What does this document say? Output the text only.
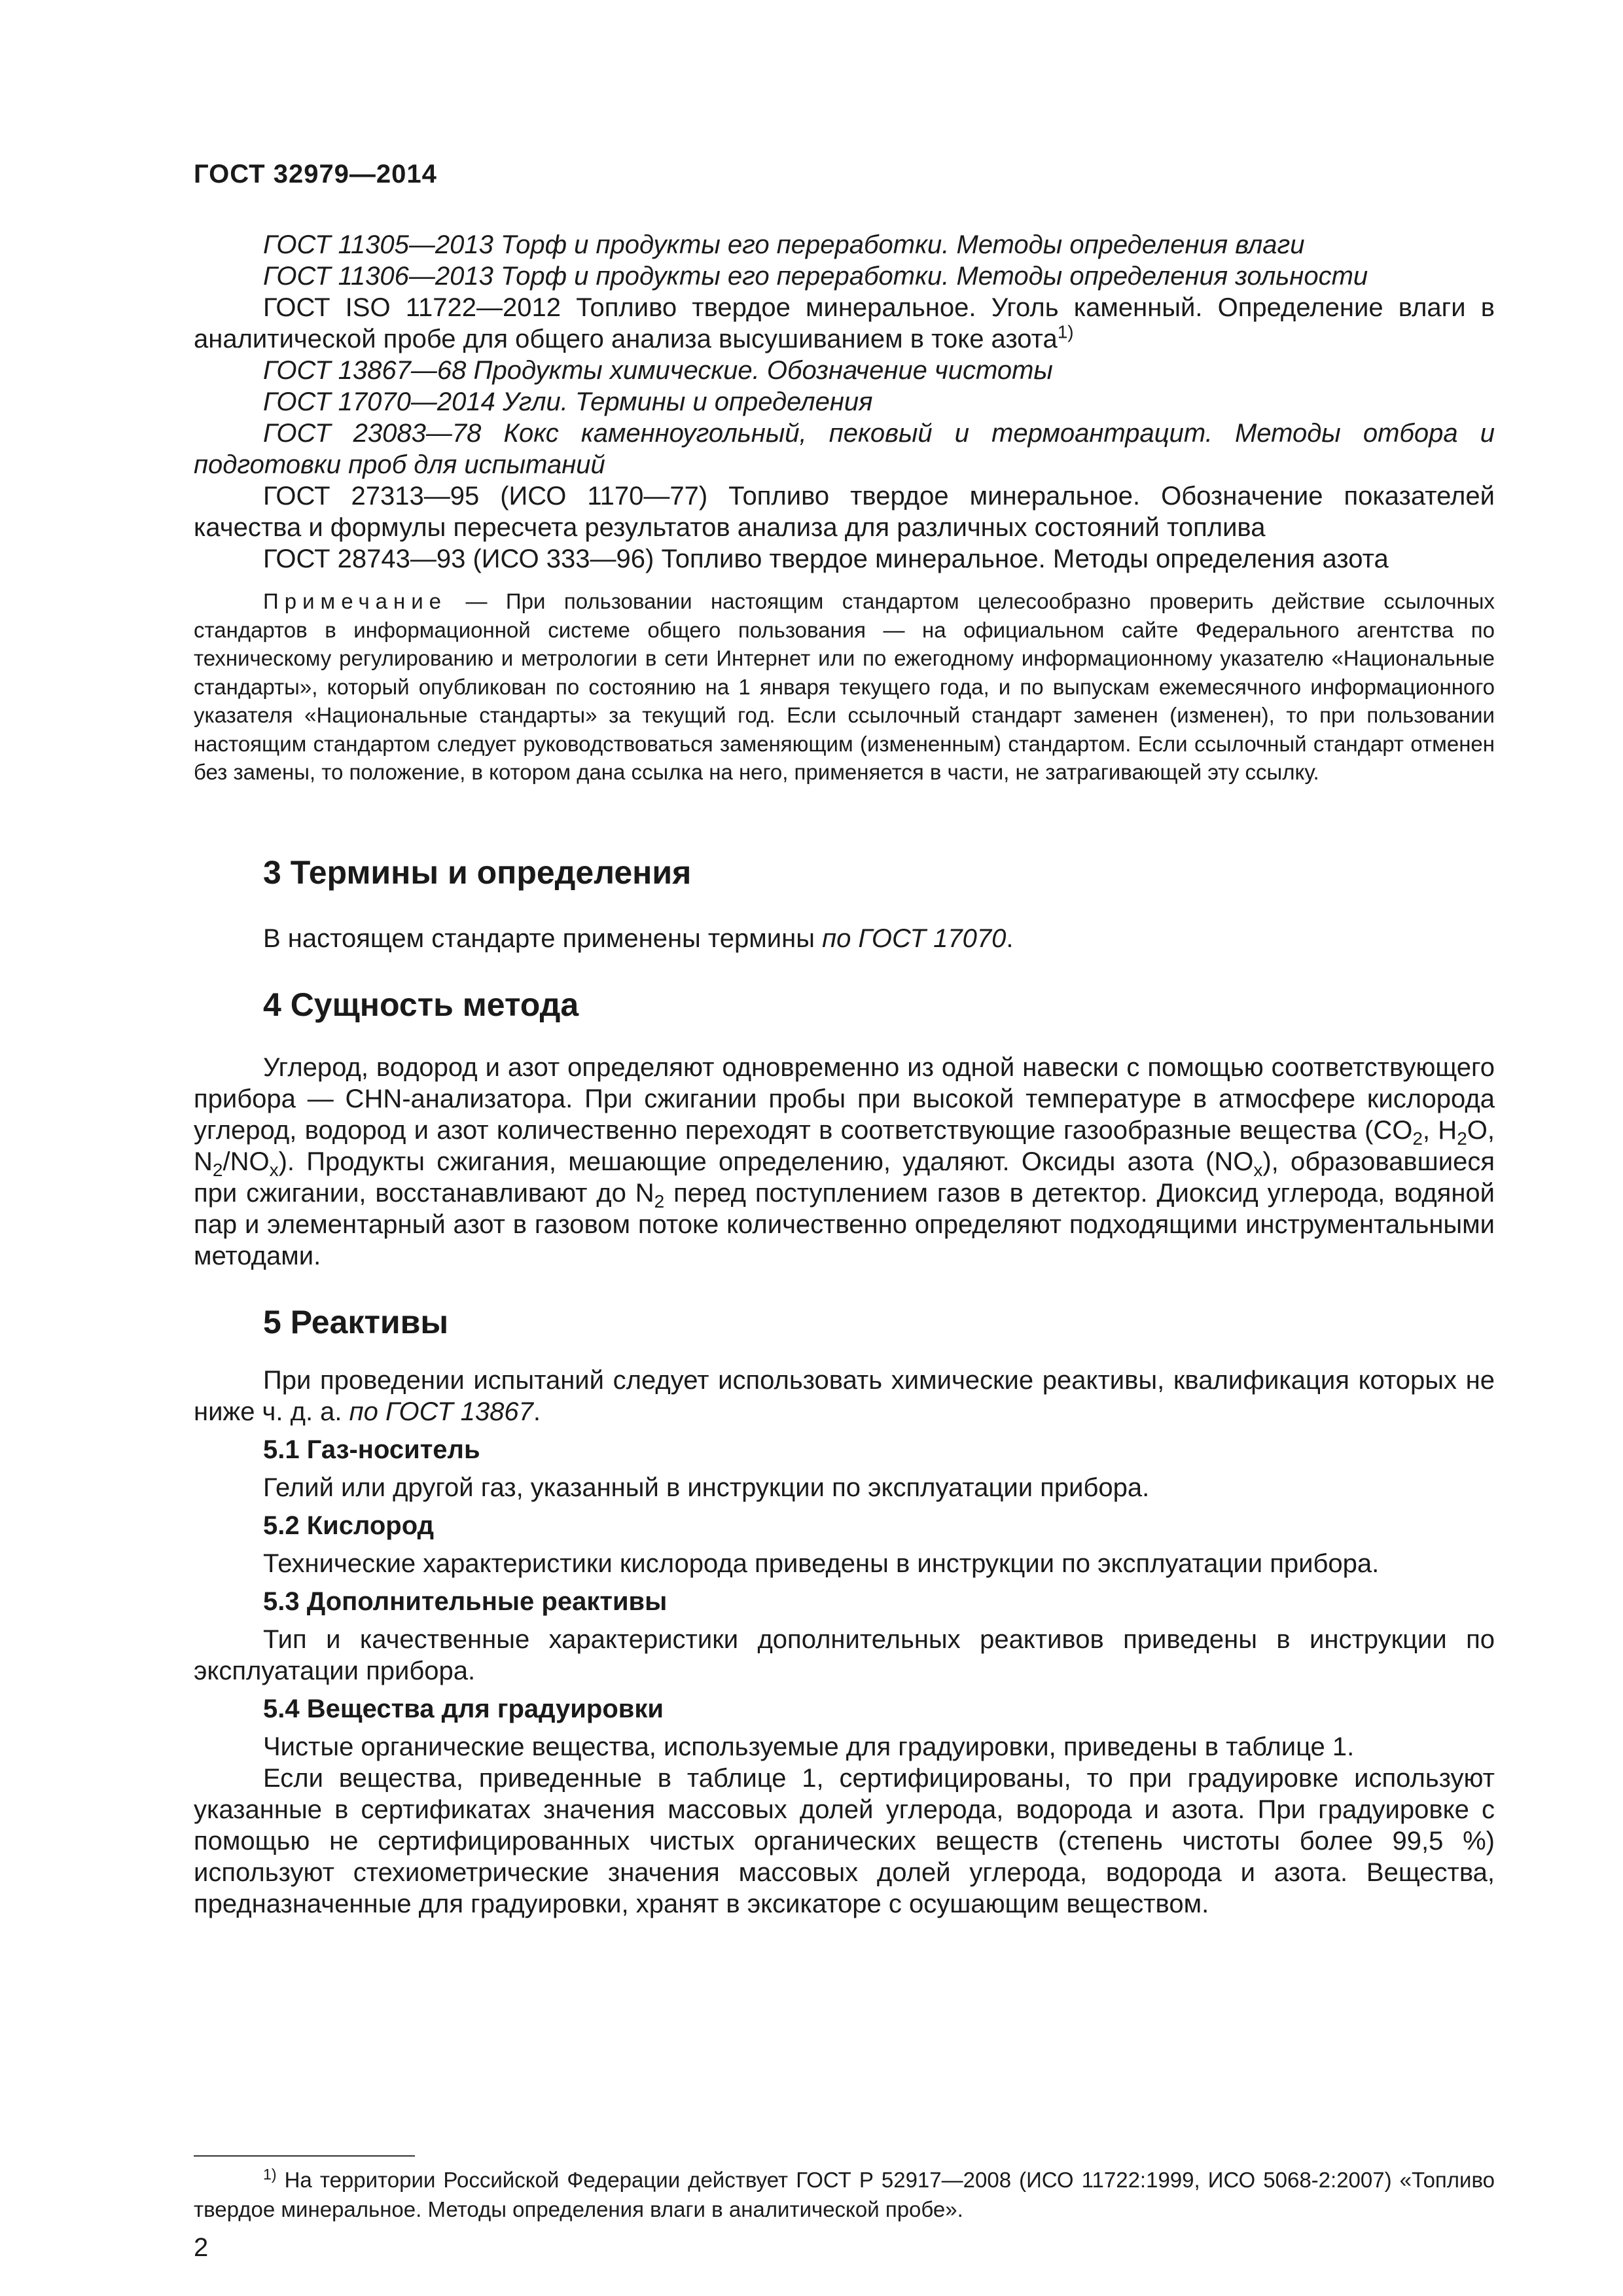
ГОСТ 32979—2014

ГОСТ 11305—2013 Торф и продукты его переработки. Методы определения влаги

ГОСТ 11306—2013 Торф и продукты его переработки. Методы определения зольности

ГОСТ ISO 11722—2012 Топливо твердое минеральное. Уголь каменный. Определение влаги в аналитической пробе для общего анализа высушиванием в токе азота$^{1)}$

ГОСТ 13867—68 Продукты химические. Обозначение чистоты

ГОСТ 17070—2014 Угли. Термины и определения

ГОСТ 23083—78 Кокс каменноугольный, пековый и термоантрацит. Методы отбора и подготовки проб для испытаний

ГОСТ 27313—95 (ИСО 1170—77) Топливо твердое минеральное. Обозначение показателей качества и формулы пересчета результатов анализа для различных состояний топлива

ГОСТ 28743—93 (ИСО 333—96) Топливо твердое минеральное. Методы определения азота

Примечание — При пользовании настоящим стандартом целесообразно проверить действие ссылочных стандартов в информационной системе общего пользования — на официальном сайте Федерального агентства по техническому регулированию и метрологии в сети Интернет или по ежегодному информационному указателю «Национальные стандарты», который опубликован по состоянию на 1 января текущего года, и по выпускам ежемесячного информационного указателя «Национальные стандарты» за текущий год. Если ссылочный стандарт заменен (изменен), то при пользовании настоящим стандартом следует руководствоваться заменяющим (измененным) стандартом. Если ссылочный стандарт отменен без замены, то положение, в котором дана ссылка на него, применяется в части, не затрагивающей эту ссылку.

3 Термины и определения

В настоящем стандарте применены термины по ГОСТ 17070.

4 Сущность метода

Углерод, водород и азот определяют одновременно из одной навески с помощью соответствующего прибора — CHN-анализатора. При сжигании пробы при высокой температуре в атмосфере кислорода углерод, водород и азот количественно переходят в соответствующие газообразные вещества ($CO_2$, $H_2O$, $N_2/NO_x$). Продукты сжигания, мешающие определению, удаляют. Оксиды азота $(NO_x)$, образовавшиеся при сжигании, восстанавливают до $N_2$ перед поступлением газов в детектор. Диоксид углерода, водяной пар и элементарный азот в газовом потоке количественно определяют подходящими инструментальными методами.

5 Реактивы

При проведении испытаний следует использовать химические реактивы, квалификация которых не ниже ч. д. а. по ГОСТ 13867.

5.1 Газ-носитель

Гелий или другой газ, указанный в инструкции по эксплуатации прибора.

5.2 Кислород

Технические характеристики кислорода приведены в инструкции по эксплуатации прибора.

5.3 Дополнительные реактивы

Тип и качественные характеристики дополнительных реактивов приведены в инструкции по эксплуатации прибора.

5.4 Вещества для градуировки

Чистые органические вещества, используемые для градуировки, приведены в таблице 1.

Если вещества, приведенные в таблице 1, сертифицированы, то при градуировке используют указанные в сертификатах значения массовых долей углерода, водорода и азота. При градуировке с помощью не сертифицированных чистых органических веществ (степень чистоты более 99,5 %) используют стехиометрические значения массовых долей углерода, водорода и азота. Вещества, предназначенные для градуировки, хранят в эксикаторе с осушающим веществом.

$^{1)}$ На территории Российской Федерации действует ГОСТ Р 52917—2008 (ИСО 11722:1999, ИСО 5068-2:2007) «Топливо твердое минеральное. Методы определения влаги в аналитической пробе».

2
